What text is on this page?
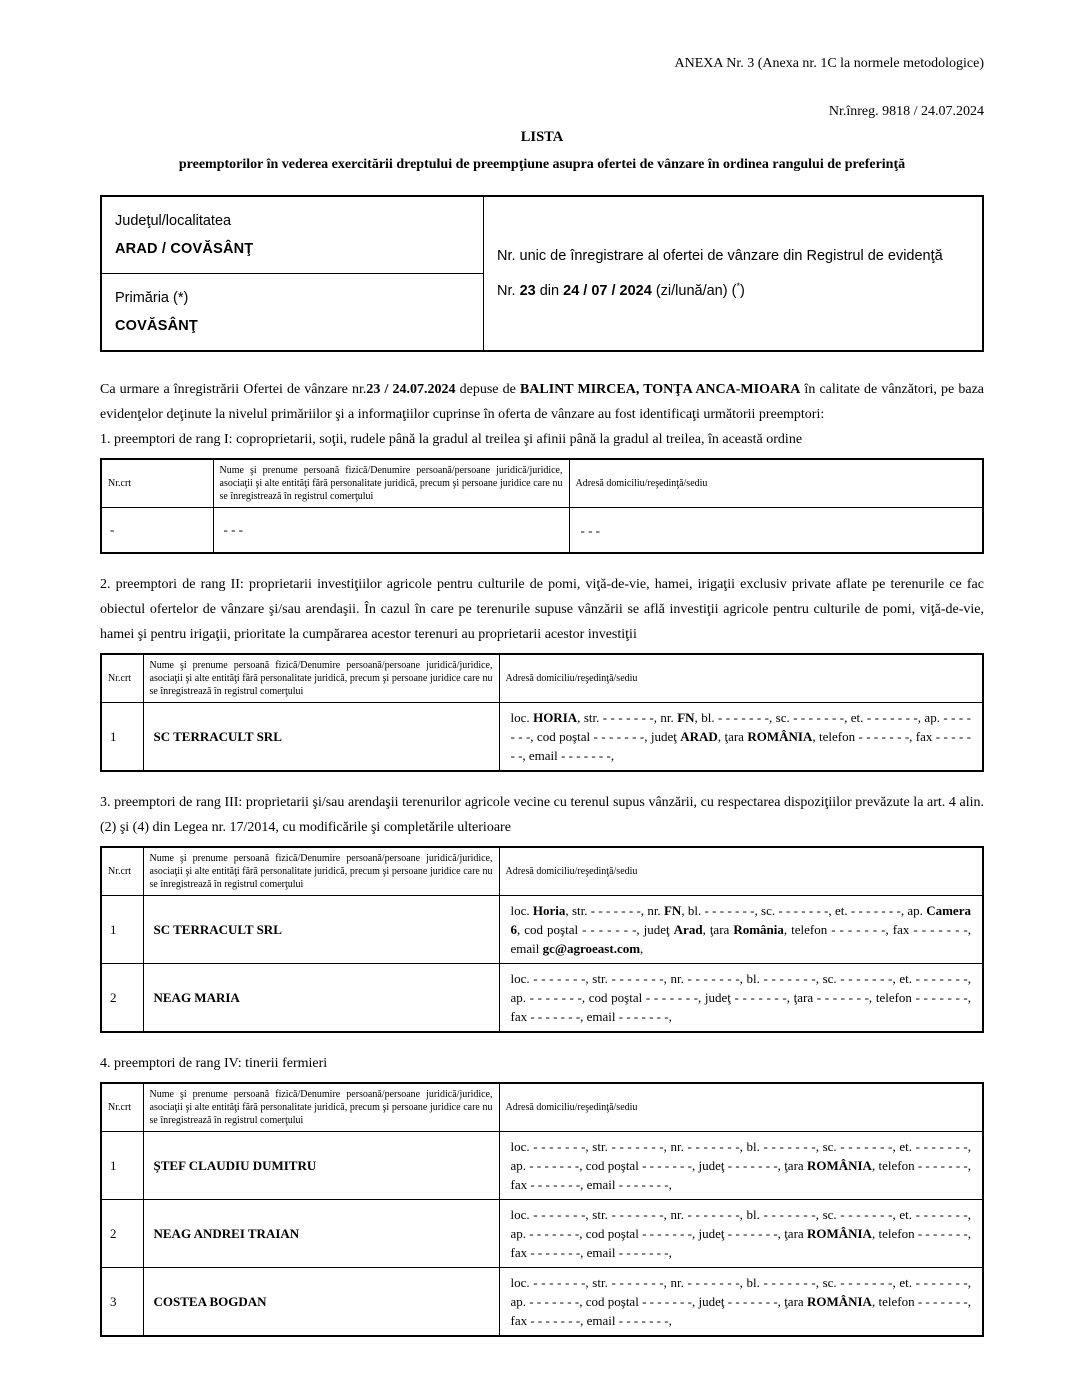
ANEXA Nr. 3 (Anexa nr. 1C la normele metodologice)
Nr.înreg. 9818 / 24.07.2024
LISTA
preemptorilor în vederea exercitării dreptului de preempţiune asupra ofertei de vânzare în ordinea rangului de preferinţă
Judeţul/localitatea
ARAD / COVĂSÂNŢ	Nr. unic de înregistrare al ofertei de vânzare din Registrul de evidenţă
Nr. 23 din 24 / 07 / 2024 (zi/lună/an) (*)

Primăria (*)
COVĂSÂNŢ
Ca urmare a înregistrării Ofertei de vânzare nr.23 / 24.07.2024 depuse de BALINT MIRCEA, TONŢA ANCA-MIOARA în calitate de vânzători, pe baza evidenţelor deţinute la nivelul primăriilor şi a informaţiilor cuprinse în oferta de vânzare au fost identificaţi următorii preemptori:
1. preemptori de rang I: coproprietarii, soţii, rudele până la gradul al treilea şi afinii până la gradul al treilea, în această ordine
Nr.crt	Nume şi prenume persoană fizică/Denumire persoană/persoane juridică/juridice, asociaţii şi alte entităţi fără personalitate juridică, precum şi persoane juridice care nu se înregistrează în registrul comerţului	Adresă domiciliu/reşedinţă/sediu
-	- - -	- - -
2. preemptori de rang II: proprietarii investiţiilor agricole pentru culturile de pomi, viţă-de-vie, hamei, irigaţii exclusiv private aflate pe terenurile ce fac obiectul ofertelor de vânzare şi/sau arendaşii. În cazul în care pe terenurile supuse vânzării se află investiţii agricole pentru culturile de pomi, viţă-de-vie, hamei şi pentru irigaţii, prioritate la cumpărarea acestor terenuri au proprietarii acestor investiţii
Nr.crt	Nume şi prenume persoană fizică/Denumire persoană/persoane juridică/juridice, asociaţii şi alte entităţi fără personalitate juridică, precum şi persoane juridice care nu se înregistrează în registrul comerţului	Adresă domiciliu/reşedinţă/sediu
1	SC TERRACULT SRL	loc. HORIA, str. - - - - - - -, nr. FN, bl. - - - - - - -, sc. - - - - - - -, et. - - - - - - -, ap. - - - - - - -, cod poştal - - - - - - -, judeţ ARAD, ţara ROMÂNIA, telefon - - - - - - -, fax - - - - - - -, email - - - - - - -,
3. preemptori de rang III: proprietarii şi/sau arendaşii terenurilor agricole vecine cu terenul supus vânzării, cu respectarea dispoziţiilor prevăzute la art. 4 alin. (2) şi (4) din Legea nr. 17/2014, cu modificările şi completările ulterioare
Nr.crt	Nume şi prenume persoană fizică/Denumire persoană/persoane juridică/juridice, asociaţii şi alte entităţi fără personalitate juridică, precum şi persoane juridice care nu se înregistrează în registrul comerţului	Adresă domiciliu/reşedinţă/sediu
1	SC TERRACULT SRL	loc. Horia, str. - - - - - - -, nr. FN, bl. - - - - - - -, sc. - - - - - - -, et. - - - - - - -, ap. Camera 6, cod poştal - - - - - - -, judeţ Arad, ţara România, telefon - - - - - - -, fax - - - - - - -, email gc@agroeast.com,
2	NEAG MARIA	loc. - - - - - - -, str. - - - - - - -, nr. - - - - - - -, bl. - - - - - - -, sc. - - - - - - -, et. - - - - - - -, ap. - - - - - - -, cod poştal - - - - - - -, judeţ - - - - - - -, ţara - - - - - - -, telefon - - - - - - -, fax - - - - - - -, email - - - - - - -,
4. preemptori de rang IV: tinerii fermieri
Nr.crt	Nume şi prenume persoană fizică/Denumire persoană/persoane juridică/juridice, asociaţii şi alte entităţi fără personalitate juridică, precum şi persoane juridice care nu se înregistrează în registrul comerţului	Adresă domiciliu/reşedinţă/sediu
1	ŞTEF CLAUDIU DUMITRU	loc. - - - - - - -, str. - - - - - - -, nr. - - - - - - -, bl. - - - - - - -, sc. - - - - - - -, et. - - - - - - -, ap. - - - - - - -, cod poştal - - - - - - -, judeţ - - - - - - -, ţara ROMÂNIA, telefon - - - - - - -, fax - - - - - - -, email - - - - - - -,
2	NEAG ANDREI TRAIAN	loc. - - - - - - -, str. - - - - - - -, nr. - - - - - - -, bl. - - - - - - -, sc. - - - - - - -, et. - - - - - - -, ap. - - - - - - -, cod poştal - - - - - - -, judeţ - - - - - - -, ţara ROMÂNIA, telefon - - - - - - -, fax - - - - - - -, email - - - - - - -,
3	COSTEA BOGDAN	loc. - - - - - - -, str. - - - - - - -, nr. - - - - - - -, bl. - - - - - - -, sc. - - - - - - -, et. - - - - - - -, ap. - - - - - - -, cod poştal - - - - - - -, judeţ - - - - - - -, ţara ROMÂNIA, telefon - - - - - - -, fax - - - - - - -, email - - - - - - -,
